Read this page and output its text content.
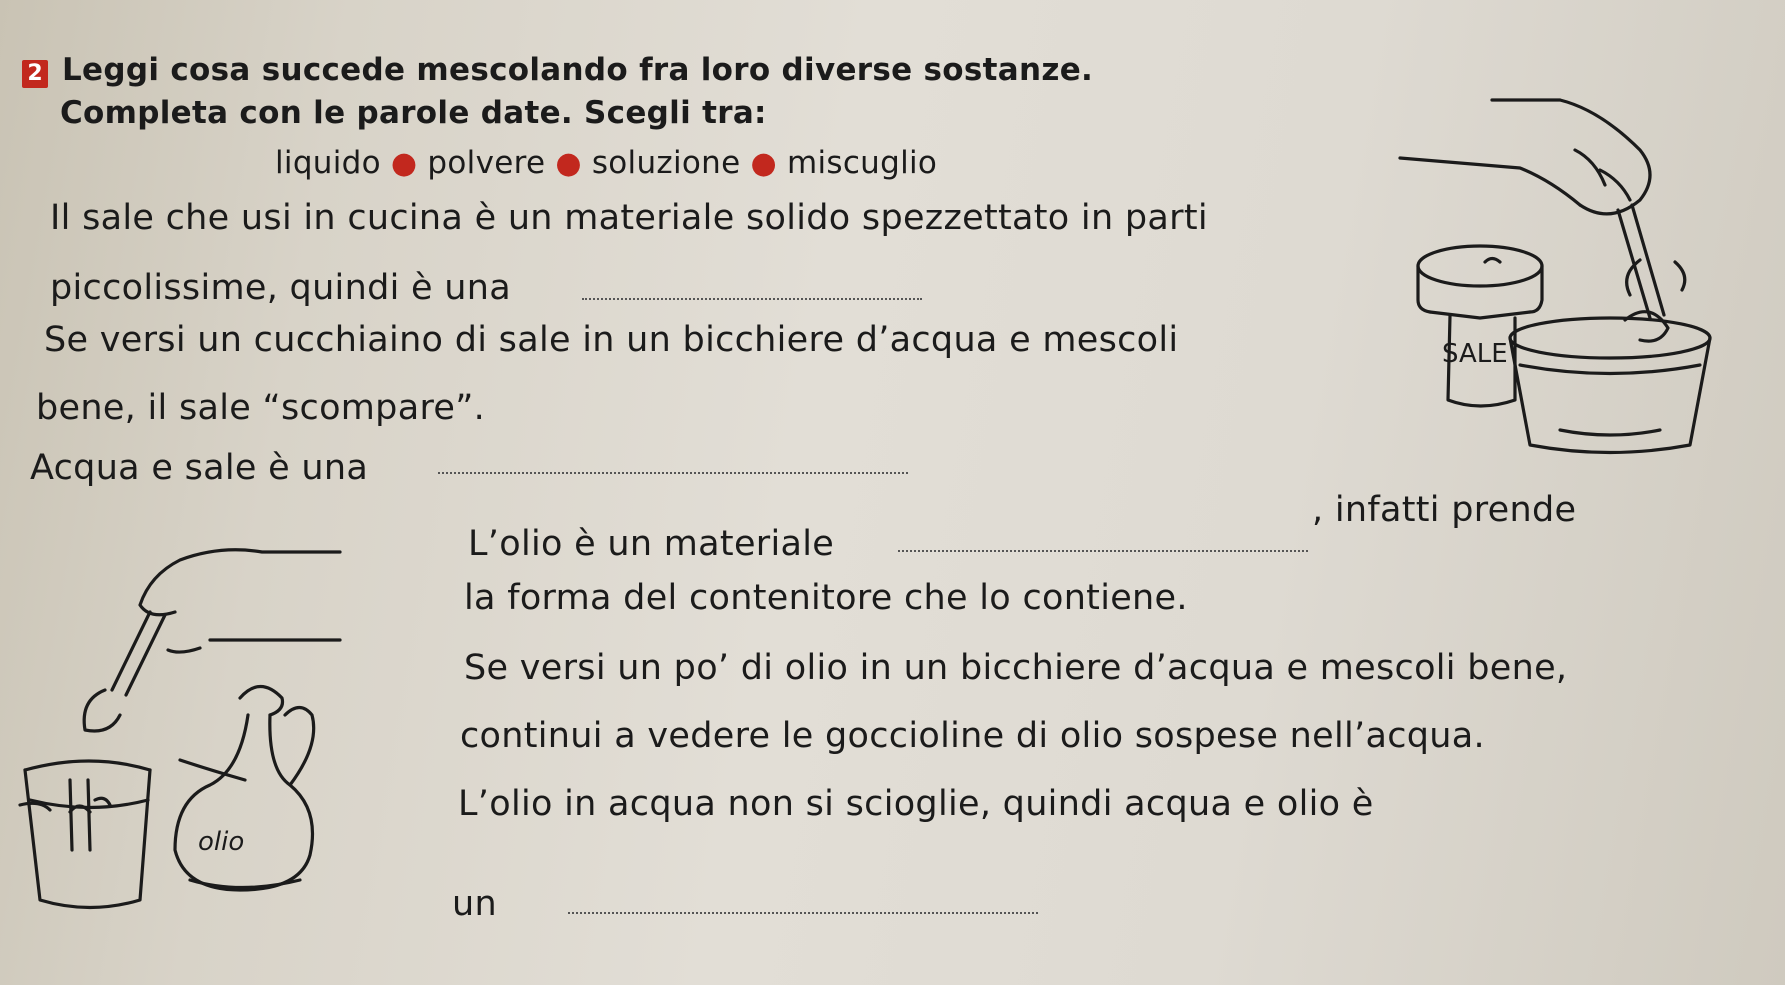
2 Leggi cosa succede mescolando fra loro diverse sostanze.
Completa con le parole date. Scegli tra:
liquido ● polvere ● soluzione ● miscuglio
Il sale che usi in cucina è un materiale solido spezzettato in parti
piccolissime, quindi è una
Se versi un cucchiaino di sale in un bicchiere d’acqua e mescoli
bene, il sale “scompare”.
Acqua e sale è una
L’olio è un materiale
, infatti prende
la forma del contenitore che lo contiene.
Se versi un po’ di olio in un bicchiere d’acqua e mescoli bene,
continui a vedere le goccioline di olio sospese nell’acqua.
L’olio in acqua non si scioglie, quindi acqua e olio è
un
SALE
olio
